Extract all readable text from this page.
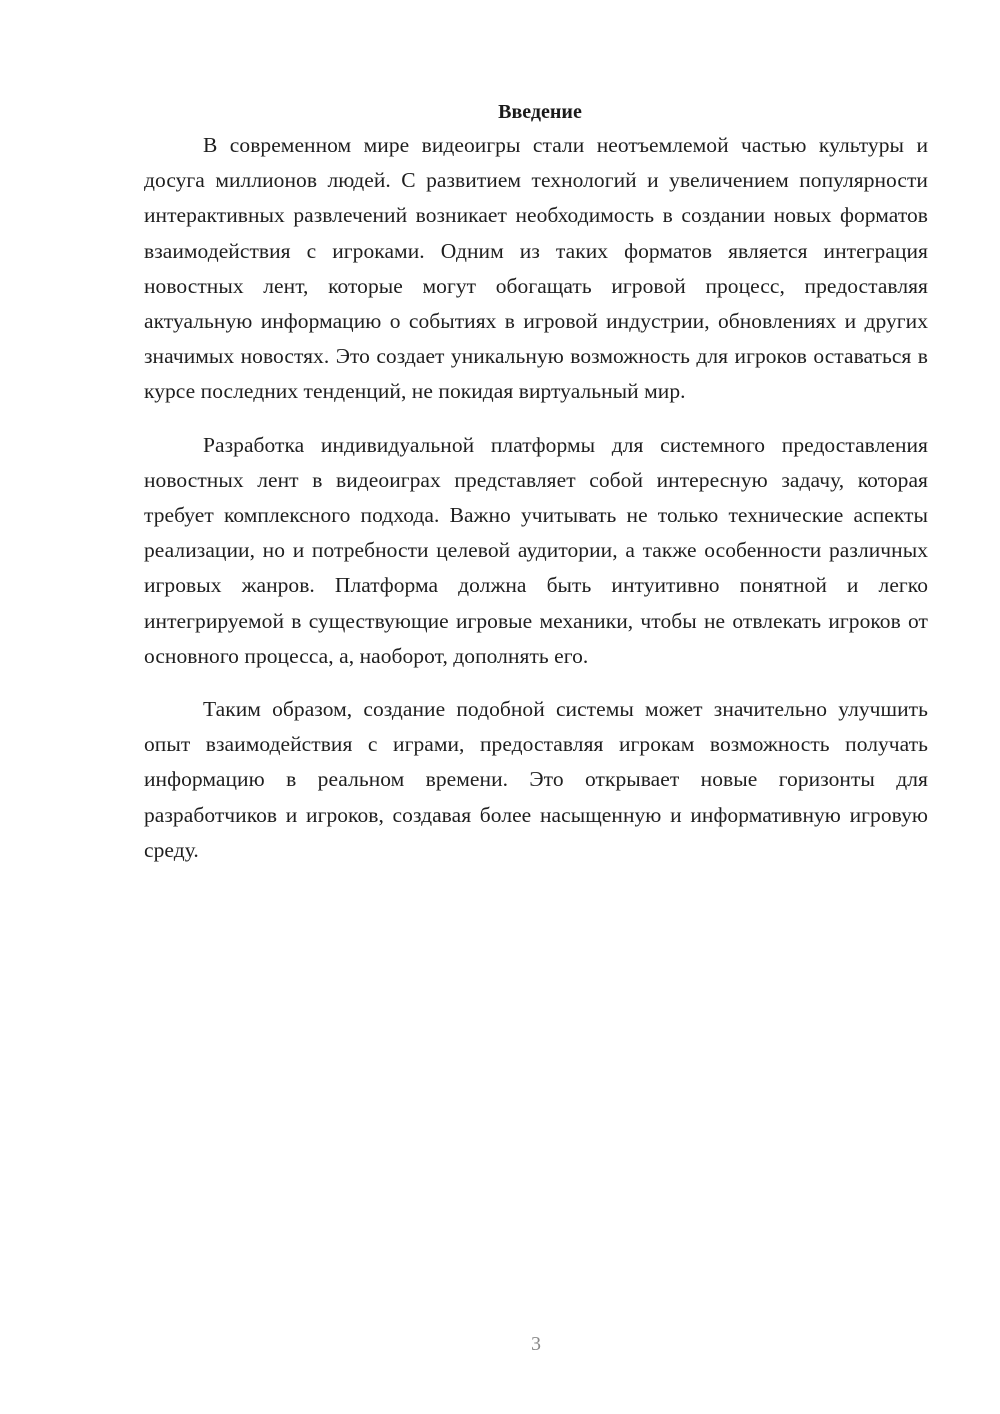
Введение

В современном мире видеоигры стали неотъемлемой частью культуры и досуга миллионов людей. С развитием технологий и увеличением популярности интерактивных развлечений возникает необходимость в создании новых форматов взаимодействия с игроками. Одним из таких форматов является интеграция новостных лент, которые могут обогащать игровой процесс, предоставляя актуальную информацию о событиях в игровой индустрии, обновлениях и других значимых новостях. Это создает уникальную возможность для игроков оставаться в курсе последних тенденций, не покидая виртуальный мир.

Разработка индивидуальной платформы для системного предоставления новостных лент в видеоиграх представляет собой интересную задачу, которая требует комплексного подхода. Важно учитывать не только технические аспекты реализации, но и потребности целевой аудитории, а также особенности различных игровых жанров. Платформа должна быть интуитивно понятной и легко интегрируемой в существующие игровые механики, чтобы не отвлекать игроков от основного процесса, а, наоборот, дополнять его.

Таким образом, создание подобной системы может значительно улучшить опыт взаимодействия с играми, предоставляя игрокам возможность получать информацию в реальном времени. Это открывает новые горизонты для разработчиков и игроков, создавая более насыщенную и информативную игровую среду.

3
